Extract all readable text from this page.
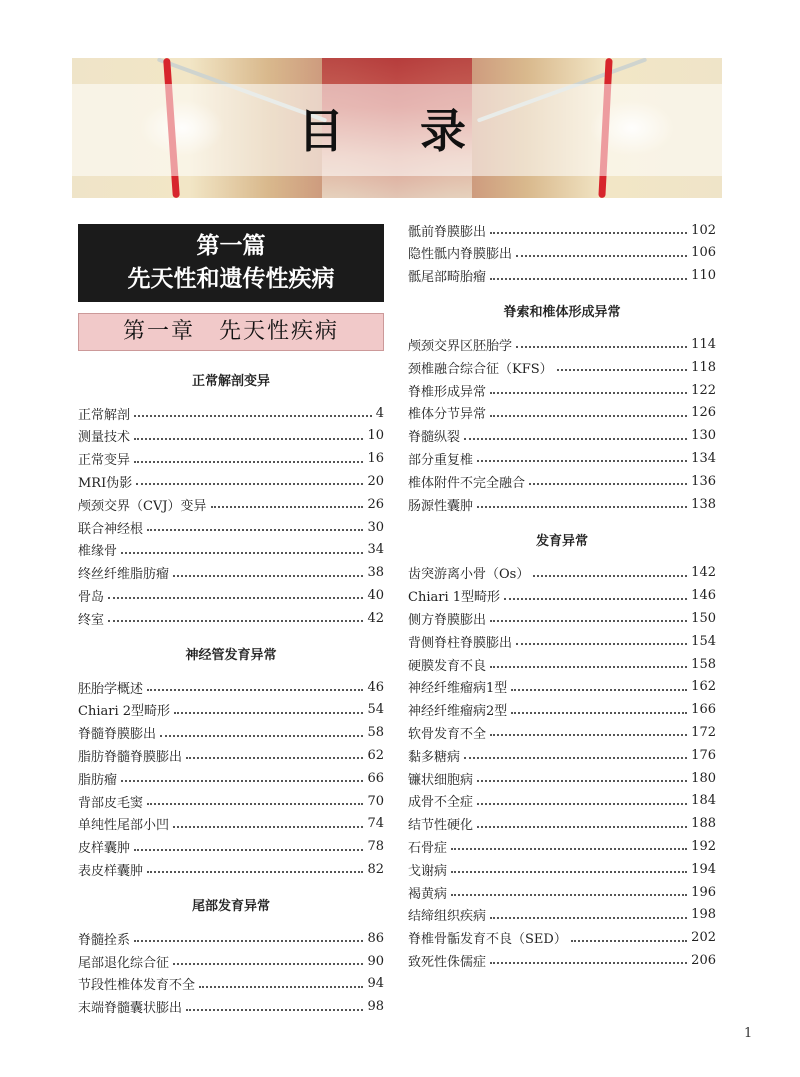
目 录
第一篇
先天性和遗传性疾病
第一章　先天性疾病
正常解剖变异
正常解剖	4
测量技术	10
正常变异	16
MRI伪影	20
颅颈交界（CVJ）变异	26
联合神经根	30
椎缘骨	34
终丝纤维脂肪瘤	38
骨岛	40
终室	42
神经管发育异常
胚胎学概述	46
Chiari 2型畸形	54
脊髓脊膜膨出	58
脂肪脊髓脊膜膨出	62
脂肪瘤	66
背部皮毛窦	70
单纯性尾部小凹	74
皮样囊肿	78
表皮样囊肿	82
尾部发育异常
脊髓拴系	86
尾部退化综合征	90
节段性椎体发育不全	94
末端脊髓囊状膨出	98
骶前脊膜膨出	102
隐性骶内脊膜膨出	106
骶尾部畸胎瘤	110
脊索和椎体形成异常
颅颈交界区胚胎学	114
颈椎融合综合征（KFS）	118
脊椎形成异常	122
椎体分节异常	126
脊髓纵裂	130
部分重复椎	134
椎体附件不完全融合	136
肠源性囊肿	138
发育异常
齿突游离小骨（Os）	142
Chiari 1型畸形	146
侧方脊膜膨出	150
背侧脊柱脊膜膨出	154
硬膜发育不良	158
神经纤维瘤病1型	162
神经纤维瘤病2型	166
软骨发育不全	172
黏多糖病	176
镰状细胞病	180
成骨不全症	184
结节性硬化	188
石骨症	192
戈谢病	194
褐黄病	196
结缔组织疾病	198
脊椎骨骺发育不良（SED）	202
致死性侏儒症	206
1
